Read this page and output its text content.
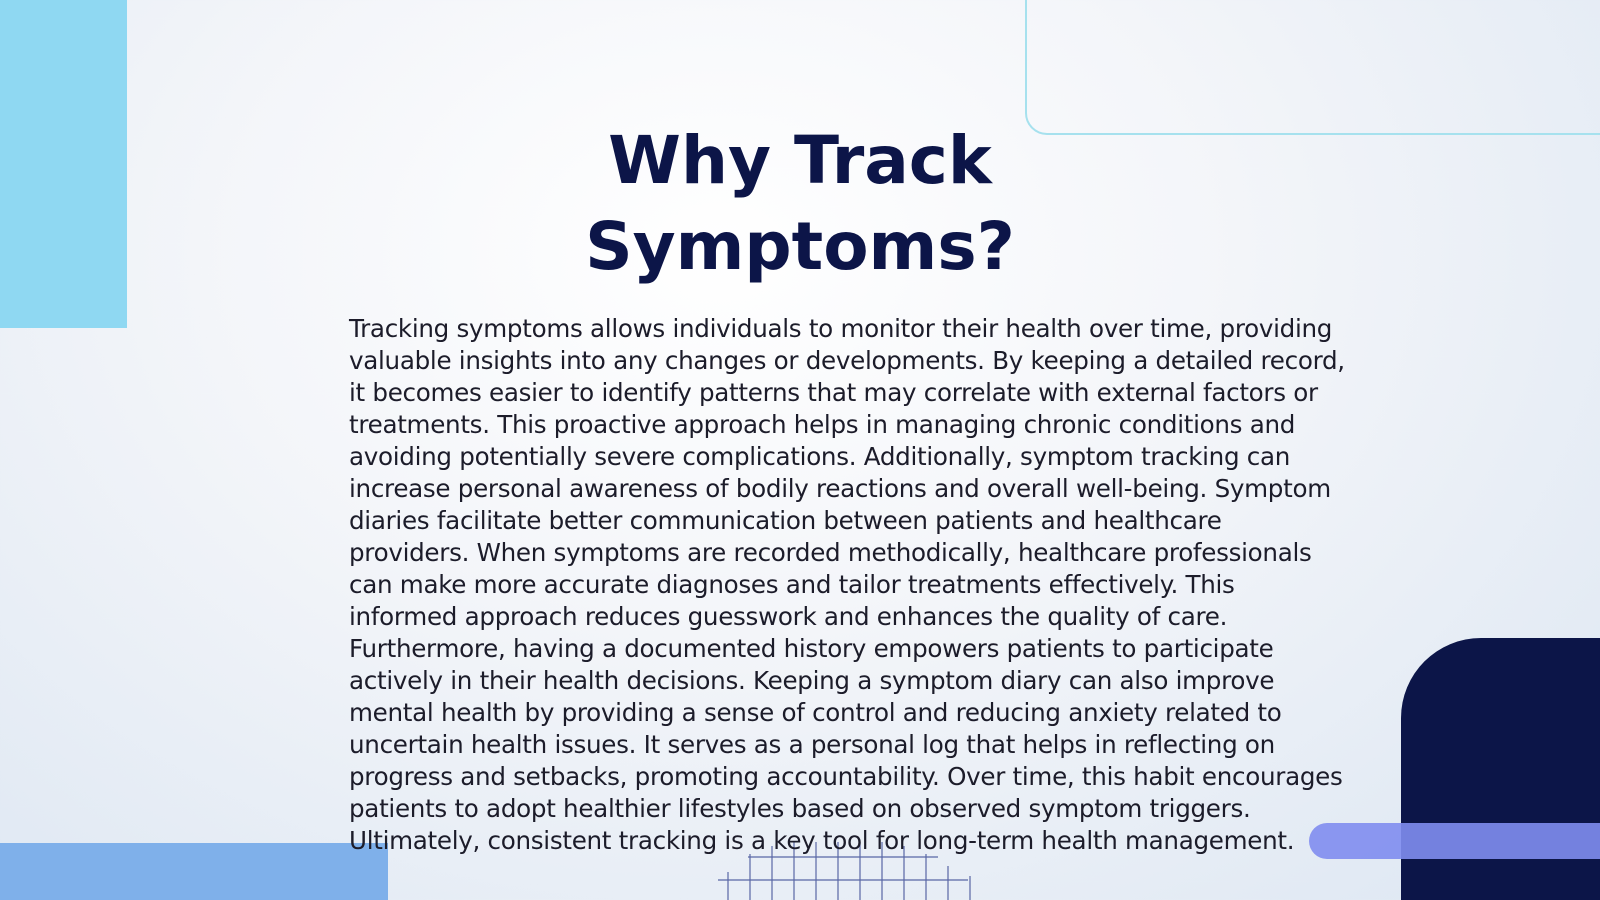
Why Track Symptoms?

Tracking symptoms allows individuals to monitor their health over time, providing valuable insights into any changes or developments. By keeping a detailed record, it becomes easier to identify patterns that may correlate with external factors or treatments. This proactive approach helps in managing chronic conditions and avoiding potentially severe complications. Additionally, symptom tracking can increase personal awareness of bodily reactions and overall well-being. Symptom diaries facilitate better communication between patients and healthcare providers. When symptoms are recorded methodically, healthcare professionals can make more accurate diagnoses and tailor treatments effectively. This informed approach reduces guesswork and enhances the quality of care. Furthermore, having a documented history empowers patients to participate actively in their health decisions. Keeping a symptom diary can also improve mental health by providing a sense of control and reducing anxiety related to uncertain health issues. It serves as a personal log that helps in reflecting on progress and setbacks, promoting accountability. Over time, this habit encourages patients to adopt healthier lifestyles based on observed symptom triggers. Ultimately, consistent tracking is a key tool for long-term health management.
